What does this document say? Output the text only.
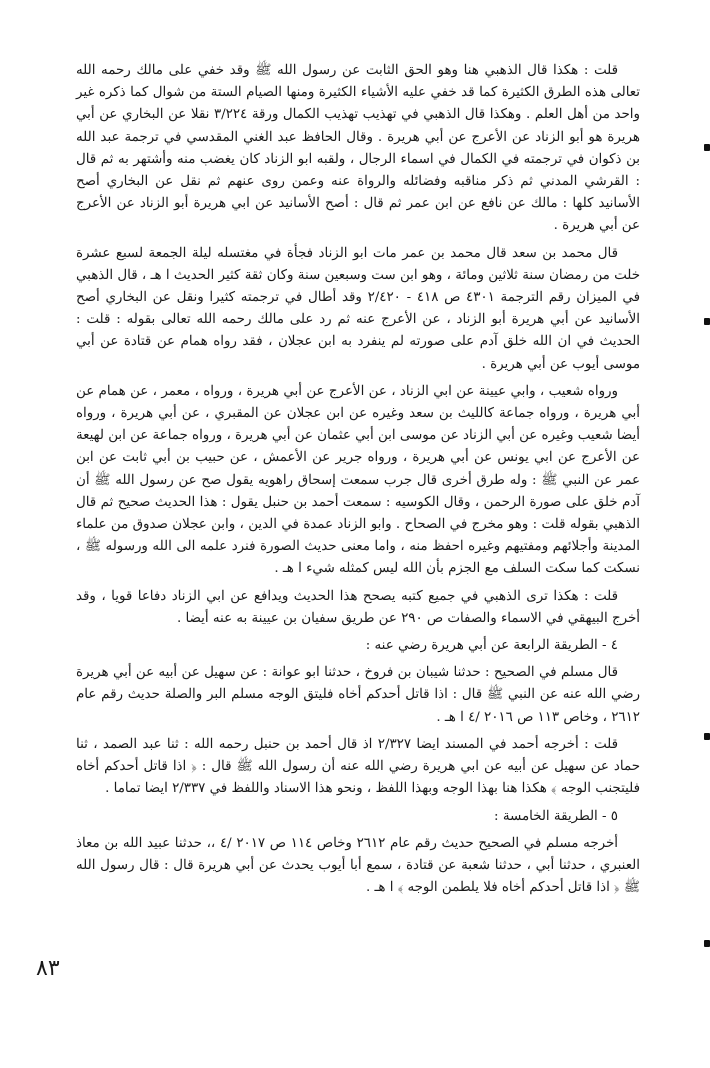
قلت : هكذا قال الذهبي هنا وهو الحق الثابت عن رسول الله ﷺ وقد خفي على مالك رحمه الله تعالى هذه الطرق الكثيرة كما قد خفي عليه الأشياء الكثيرة ومنها الصيام الستة من شوال كما ذكره غير واحد من أهل العلم . وهكذا قال الذهبي في تهذيب تهذيب الكمال ورقة ٣/٢٢٤ نقلا عن البخاري عن أبي هريرة هو أبو الزناد عن الأعرج عن أبي هريرة . وقال الحافظ عبد الغني المقدسي في ترجمة عبد الله بن ذكوان في ترجمته في الكمال في اسماء الرجال ، ولقبه ابو الزناد كان يغضب منه وأشتهر به ثم قال : القرشي المدني ثم ذكر مناقبه وفضائله والرواة عنه وعمن روى عنهم ثم نقل عن البخاري أصح الأسانيد كلها : مالك عن نافع عن ابن عمر ثم قال : أصح الأسانيد عن ابي هريرة أبو الزناد عن الأعرج عن أبي هريرة .

قال محمد بن سعد قال محمد بن عمر مات ابو الزناد فجأة في مغتسله ليلة الجمعة لسبع عشرة خلت من رمضان سنة ثلاثين ومائة ، وهو ابن ست وسبعين سنة وكان ثقة كثير الحديث ا هـ ، قال الذهبي في الميزان رقم الترجمة ٤٣٠١ ص ٤١٨ - ٢/٤٢٠ وقد أطال في ترجمته كثيرا ونقل عن البخاري أصح الأسانيد عن أبي هريرة أبو الزناد ، عن الأعرج عنه ثم رد على مالك رحمه الله تعالى بقوله : قلت : الحديث في ان الله خلق آدم على صورته لم ينفرد به ابن عجلان ، فقد رواه همام عن قتادة عن أبي موسى أيوب عن أبي هريرة .

ورواه شعيب ، وابي عيينة عن ابي الزناد ، عن الأعرج عن أبي هريرة ، ورواه ، معمر ، عن همام عن أبي هريرة ، ورواه جماعة كالليث بن سعد وغيره عن ابن عجلان عن المقبري ، عن أبي هريرة ، ورواه أيضا شعيب وغيره عن أبي الزناد عن موسى ابن أبي عثمان عن أبي هريرة ، ورواه جماعة عن ابن لهيعة عن الأعرج عن ابي يونس عن أبي هريرة ، ورواه جرير عن الأعمش ، عن حبيب بن أبي ثابت عن ابن عمر عن النبي ﷺ : وله طرق أخرى قال جرب سمعت إسحاق راهويه يقول صح عن رسول الله ﷺ أن آدم خلق على صورة الرحمن ، وقال الكوسيه : سمعت أحمد بن حنبل يقول : هذا الحديث صحيح ثم قال الذهبي بقوله قلت : وهو مخرج في الصحاح . وابو الزناد عمدة في الدين ، وابن عجلان صدوق من علماء المدينة وأجلائهم ومفتيهم وغيره احفظ منه ، واما معنى حديث الصورة فنرد علمه الى الله ورسوله ﷺ ، نسكت كما سكت السلف مع الجزم بأن الله ليس كمثله شيء ا هـ .

قلت : هكذا ترى الذهبي في جميع كتبه يصحح هذا الحديث ويدافع عن ابي الزناد دفاعا قويا ، وقد أخرج البيهقي في الاسماء والصفات ص ٢٩٠ عن طريق سفيان بن عيينة به عنه أيضا .

٤ - الطريقة الرابعة عن أبي هريرة رضي عنه :

قال مسلم في الصحيح : حدثنا شيبان بن فروخ ، حدثنا ابو عوانة : عن سهيل عن أبيه عن أبي هريرة رضي الله عنه عن النبي ﷺ قال : اذا قاتل أحدكم أخاه فليتق الوجه مسلم البر والصلة حديث رقم عام ٢٦١٢ ، وخاص ١١٣ ص ٢٠١٦ /٤ ا هـ .

قلت : أخرجه أحمد في المسند ايضا ٢/٣٢٧ اذ قال أحمد بن حنبل رحمه الله : ثنا عبد الصمد ، ثنا حماد عن سهيل عن أبيه عن ابي هريرة رضي الله عنه أن رسول الله ﷺ قال : ﴿ اذا قاتل أحدكم أخاه فليتجنب الوجه ﴾ هكذا هنا بهذا الوجه وبهذا اللفظ ، ونحو هذا الاسناد واللفظ في ٢/٣٣٧ ايضا تماما .

٥ - الطريقة الخامسة :

أخرجه مسلم في الصحيح حديث رقم عام ٢٦١٢ وخاص ١١٤ ص ٢٠١٧ /٤ ،، حدثنا عبيد الله بن معاذ العنبري ، حدثنا أبي ، حدثنا شعبة عن قتادة ، سمع أبا أيوب يحدث عن أبي هريرة قال : قال رسول الله ﷺ ﴿ اذا قاتل أحدكم أخاه فلا يلطمن الوجه ﴾ ا هـ .

٨٣
